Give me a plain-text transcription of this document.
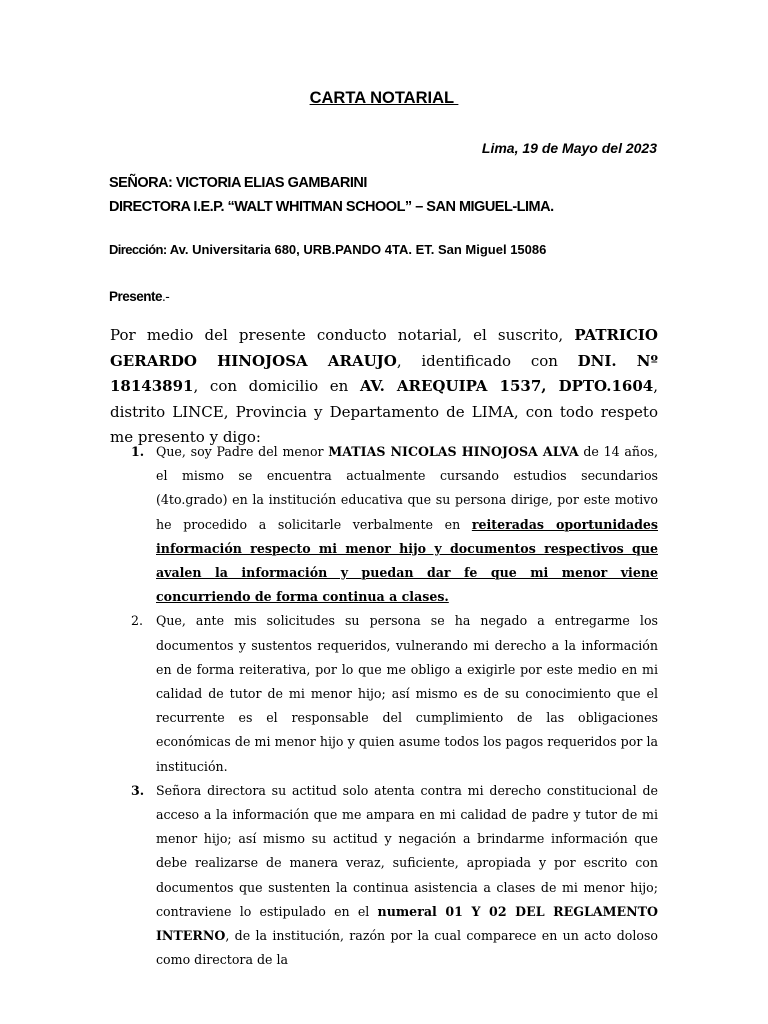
CARTA NOTARIAL
Lima, 19 de Mayo del 2023
SEÑORA: VICTORIA ELIAS GAMBARINI
DIRECTORA I.E.P. “WALT WHITMAN SCHOOL” – SAN MIGUEL-LIMA.
Dirección: Av. Universitaria 680, URB.PANDO 4TA. ET. San Miguel 15086
Presente.-
Por medio del presente conducto notarial, el suscrito, PATRICIO GERARDO HINOJOSA ARAUJO, identificado con DNI. Nº 18143891, con domicilio en AV. AREQUIPA 1537, DPTO.1604, distrito LINCE, Provincia y Departamento de LIMA, con todo respeto me presento y digo:
1. Que, soy Padre del menor MATIAS NICOLAS HINOJOSA ALVA de 14 años, el mismo se encuentra actualmente cursando estudios secundarios (4to.grado) en la institución educativa que su persona dirige, por este motivo he procedido a solicitarle verbalmente en reiteradas oportunidades información respecto mi menor hijo y documentos respectivos que avalen la información y puedan dar fe que mi menor viene concurriendo de forma continua a clases.
2. Que, ante mis solicitudes su persona se ha negado a entregarme los documentos y sustentos requeridos, vulnerando mi derecho a la información en de forma reiterativa, por lo que me obligo a exigirle por este medio en mi calidad de tutor de mi menor hijo; así mismo es de su conocimiento que el recurrente es el responsable del cumplimiento de las obligaciones económicas de mi menor hijo y quien asume todos los pagos requeridos por la institución.
3. Señora directora su actitud solo atenta contra mi derecho constitucional de acceso a la información que me ampara en mi calidad de padre y tutor de mi menor hijo; así mismo su actitud y negación a brindarme información que debe realizarse de manera veraz, suficiente, apropiada y por escrito con documentos que sustenten la continua asistencia a clases de mi menor hijo; contraviene lo estipulado en el numeral 01 Y 02 DEL REGLAMENTO INTERNO, de la institución, razón por la cual comparece en un acto doloso como directora de la
